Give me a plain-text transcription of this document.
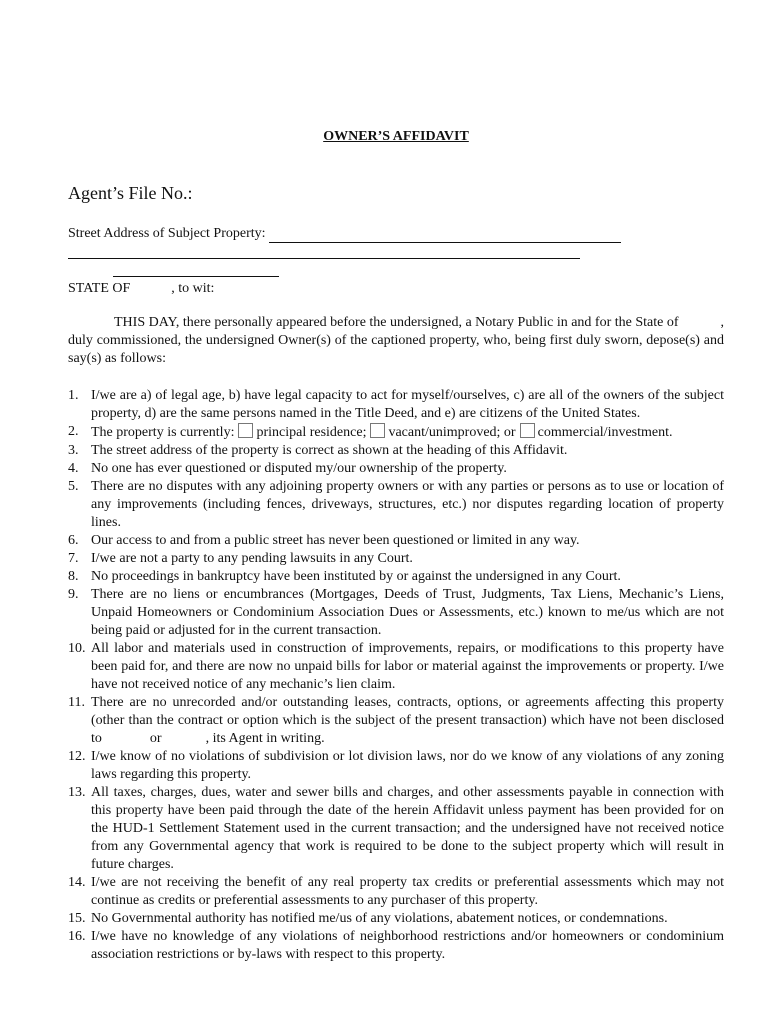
OWNER’S AFFIDAVIT
Agent’s File No.:
Street Address of Subject Property:
STATE OF	, to wit:
THIS DAY, there personally appeared before the undersigned, a Notary Public in and for the State of	, duly commissioned, the undersigned Owner(s) of the captioned property, who, being first duly sworn, depose(s) and say(s) as follows:
1. I/we are a) of legal age, b) have legal capacity to act for myself/ourselves, c) are all of the owners of the subject property, d) are the same persons named in the Title Deed, and e) are citizens of the United States.
2. The property is currently: principal residence; vacant/unimproved; or commercial/investment.
3. The street address of the property is correct as shown at the heading of this Affidavit.
4. No one has ever questioned or disputed my/our ownership of the property.
5. There are no disputes with any adjoining property owners or with any parties or persons as to use or location of any improvements (including fences, driveways, structures, etc.) nor disputes regarding location of property lines.
6. Our access to and from a public street has never been questioned or limited in any way.
7. I/we are not a party to any pending lawsuits in any Court.
8. No proceedings in bankruptcy have been instituted by or against the undersigned in any Court.
9. There are no liens or encumbrances (Mortgages, Deeds of Trust, Judgments, Tax Liens, Mechanic’s Liens, Unpaid Homeowners or Condominium Association Dues or Assessments, etc.) known to me/us which are not being paid or adjusted for in the current transaction.
10. All labor and materials used in construction of improvements, repairs, or modifications to this property have been paid for, and there are now no unpaid bills for labor or material against the improvements or property. I/we have not received notice of any mechanic’s lien claim.
11. There are no unrecorded and/or outstanding leases, contracts, options, or agreements affecting this property (other than the contract or option which is the subject of the present transaction) which have not been disclosed to	or	, its Agent in writing.
12. I/we know of no violations of subdivision or lot division laws, nor do we know of any violations of any zoning laws regarding this property.
13. All taxes, charges, dues, water and sewer bills and charges, and other assessments payable in connection with this property have been paid through the date of the herein Affidavit unless payment has been provided for on the HUD-1 Settlement Statement used in the current transaction; and the undersigned have not received notice from any Governmental agency that work is required to be done to the subject property which will result in future charges.
14. I/we are not receiving the benefit of any real property tax credits or preferential assessments which may not continue as credits or preferential assessments to any purchaser of this property.
15. No Governmental authority has notified me/us of any violations, abatement notices, or condemnations.
16. I/we have no knowledge of any violations of neighborhood restrictions and/or homeowners or condominium association restrictions or by-laws with respect to this property.
